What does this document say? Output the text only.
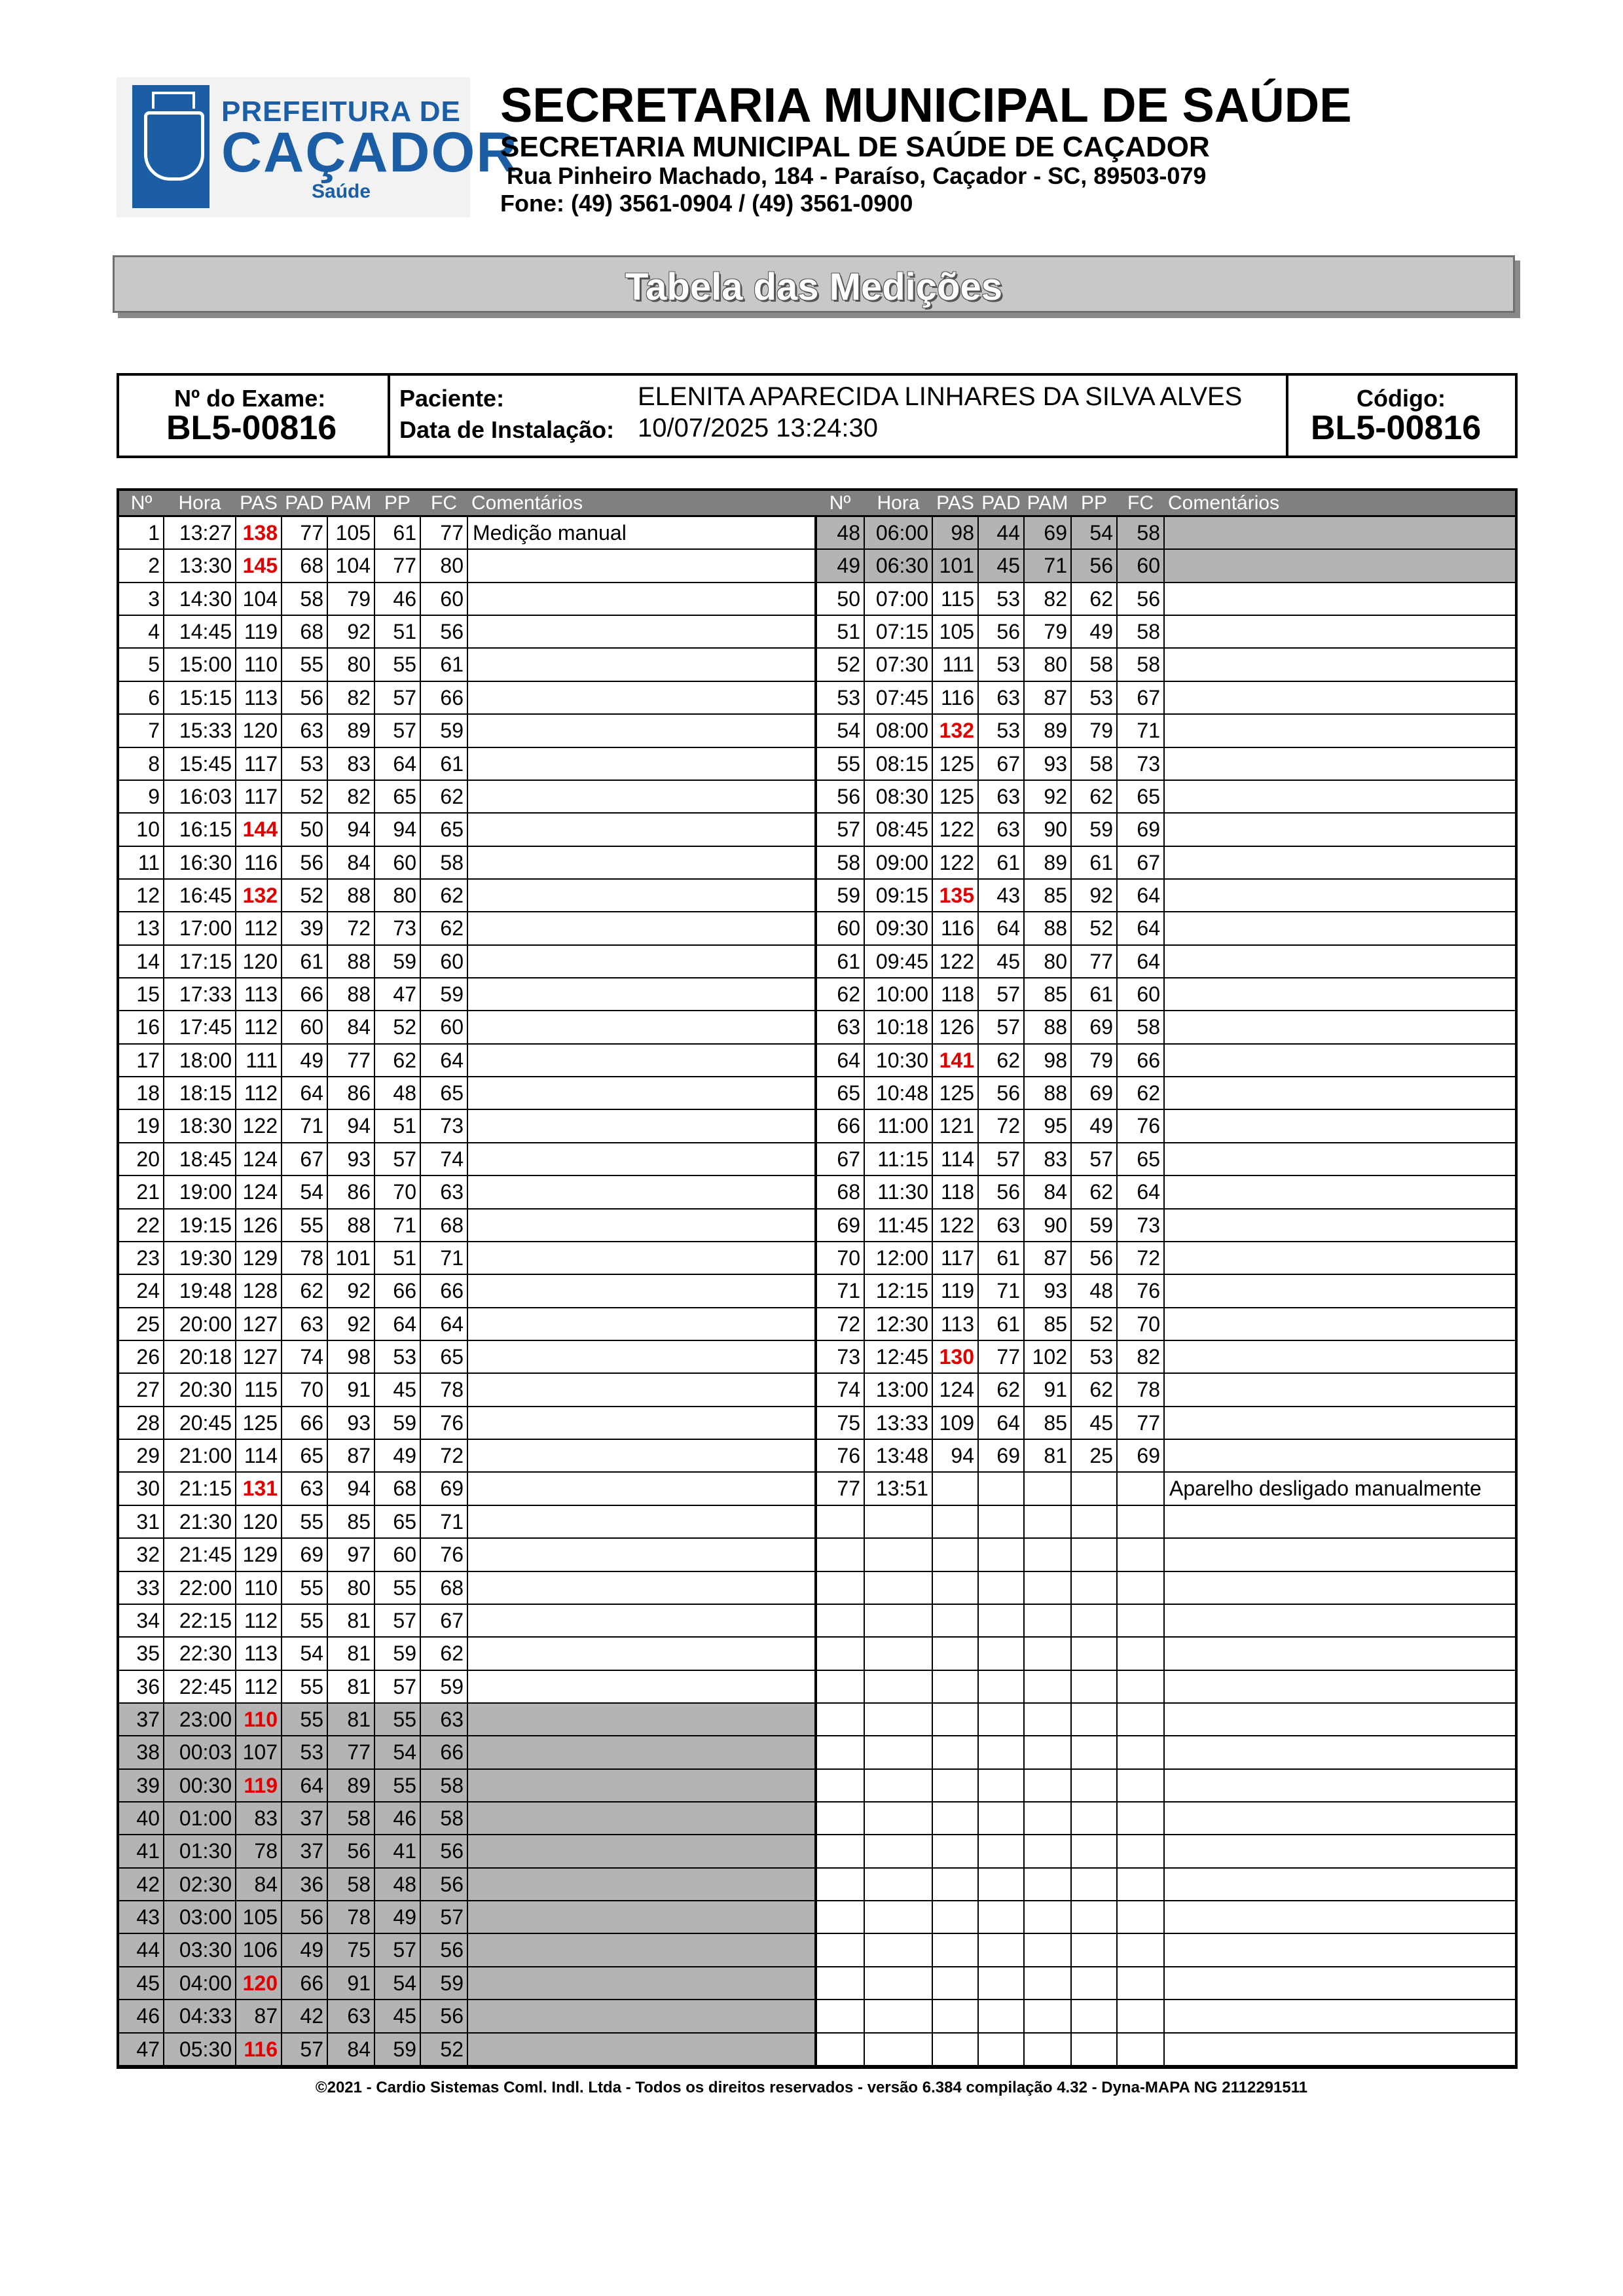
PREFEITURA DE
CAÇADOR
Saúde
SECRETARIA MUNICIPAL DE SAÚDE
SECRETARIA MUNICIPAL DE SAÚDE DE CAÇADOR
Rua Pinheiro Machado, 184 - Paraíso, Caçador - SC, 89503-079
Fone: (49) 3561-0904 / (49) 3561-0900
Tabela das Medições
Nº do Exame:
BL5-00816
Paciente:	ELENITA APARECIDA LINHARES DA SILVA ALVES
Data de Instalação: 10/07/2025 13:24:30
Código:
BL5-00816
Nº	Hora PAS PAD PAM PP	FC Comentários	Nº	Hora PAS PAD PAM PP	FC Comentários
1 13:27 138	77 105	61	77 Medição manual
2 13:30 145	68 104	77	80
3 14:30 104	58	79	46	60
4 14:45 119	68	92	51	56
5 15:00 110	55	80	55	61
6 15:15 113	56	82	57	66
7 15:33 120	63	89	57	59
8 15:45 117	53	83	64	61
9 16:03 117	52	82	65	62
10 16:15 144	50	94	94	65
11 16:30 116	56	84	60	58
12 16:45 132	52	88	80	62
13 17:00 112	39	72	73	62
14 17:15 120	61	88	59	60
15 17:33 113	66	88	47	59
16 17:45 112	60	84	52	60
17 18:00 111	49	77	62	64
18 18:15 112	64	86	48	65
19 18:30 122	71	94	51	73
20 18:45 124	67	93	57	74
21 19:00 124	54	86	70	63
22 19:15 126	55	88	71	68
23 19:30 129	78 101	51	71
24 19:48 128	62	92	66	66
25 20:00 127	63	92	64	64
26 20:18 127	74	98	53	65
27 20:30 115	70	91	45	78
28 20:45 125	66	93	59	76
29 21:00 114	65	87	49	72
30 21:15 131	63	94	68	69
31 21:30 120	55	85	65	71
32 21:45 129	69	97	60	76
33 22:00 110	55	80	55	68
34 22:15 112	55	81	57	67
35 22:30 113	54	81	59	62
36 22:45 112	55	81	57	59
37 23:00 110	55	81	55	63
38 00:03 107	53	77	54	66
39 00:30 119	64	89	55	58
40 01:00	83	37	58	46	58
41 01:30	78	37	56	41	56
42 02:30	84	36	58	48	56
43 03:00 105	56	78	49	57
44 03:30 106	49	75	57	56
45 04:00 120	66	91	54	59
46 04:33	87	42	63	45	56
47 05:30 116	57	84	59	52
48 06:00	98	44	69	54	58
49 06:30 101	45	71	56	60
50 07:00 115	53	82	62	56
51 07:15 105	56	79	49	58
52 07:30 111	53	80	58	58
53 07:45 116	63	87	53	67
54 08:00 132	53	89	79	71
55 08:15 125	67	93	58	73
56 08:30 125	63	92	62	65
57 08:45 122	63	90	59	69
58 09:00 122	61	89	61	67
59 09:15 135	43	85	92	64
60 09:30 116	64	88	52	64
61 09:45 122	45	80	77	64
62 10:00 118	57	85	61	60
63 10:18 126	57	88	69	58
64 10:30 141	62	98	79	66
65 10:48 125	56	88	69	62
66 11:00 121	72	95	49	76
67 11:15 114	57	83	57	65
68 11:30 118	56	84	62	64
69 11:45 122	63	90	59	73
70 12:00 117	61	87	56	72
71 12:15 119	71	93	48	76
72 12:30 113	61	85	52	70
73 12:45 130	77 102	53	82
74 13:00 124	62	91	62	78
75 13:33 109	64	85	45	77
76 13:48	94	69	81	25	69
77 13:51	Aparelho desligado manualmente
©2021 - Cardio Sistemas Coml. Indl. Ltda - Todos os direitos reservados - versão 6.384 compilação 4.32 - Dyna-MAPA NG 2112291511
